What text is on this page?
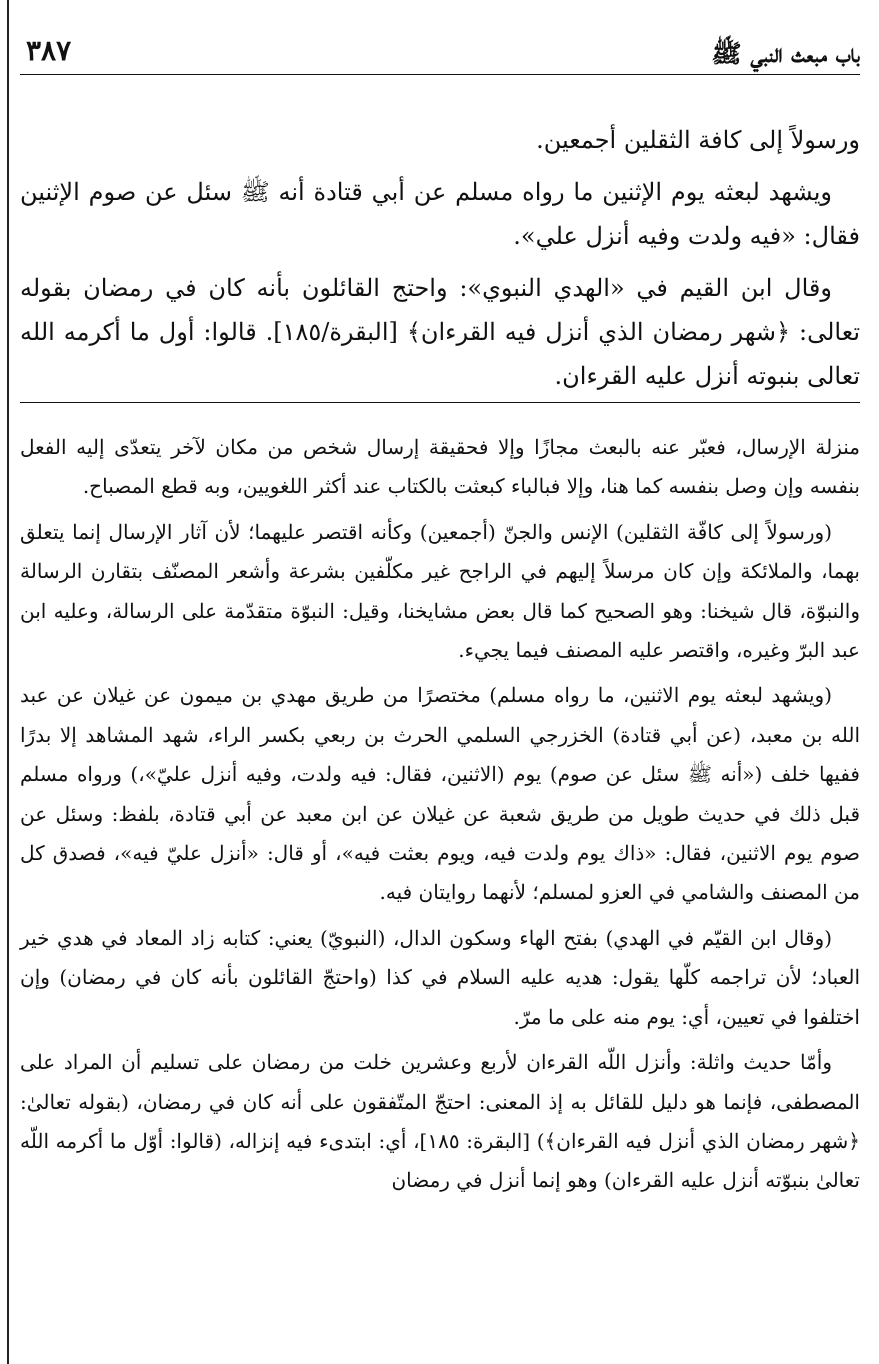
باب مبعث النبي ﷺ
٣٨٧

ورسولاً إلى كافة الثقلين أجمعين.

ويشهد لبعثه يوم الإثنين ما رواه مسلم عن أبي قتادة أنه ﷺ سئل عن صوم الإثنين فقال: «فيه ولدت وفيه أنزل علي».

وقال ابن القيم في «الهدي النبوي»: واحتج القائلون بأنه كان في رمضان بقوله تعالى: ﴿شهر رمضان الذي أنزل فيه القرءان﴾ [البقرة/١٨٥]. قالوا: أول ما أكرمه الله تعالى بنبوته أنزل عليه القرءان.

منزلة الإرسال، فعبّر عنه بالبعث مجازًا وإلا فحقيقة إرسال شخص من مكان لآخر يتعدّى إليه الفعل بنفسه وإن وصل بنفسه كما هنا، وإلا فبالباء كبعثت بالكتاب عند أكثر اللغويين، وبه قطع المصباح.

(ورسولاً إلى كافّة الثقلين) الإنس والجنّ (أجمعين) وكأنه اقتصر عليهما؛ لأن آثار الإرسال إنما يتعلق بهما، والملائكة وإن كان مرسلاً إليهم في الراجح غير مكلّفين بشرعة وأشعر المصنّف بتقارن الرسالة والنبوّة، قال شيخنا: وهو الصحيح كما قال بعض مشايخنا، وقيل: النبوّة متقدّمة على الرسالة، وعليه ابن عبد البرّ وغيره، واقتصر عليه المصنف فيما يجيء.

(ويشهد لبعثه يوم الاثنين، ما رواه مسلم) مختصرًا من طريق مهدي بن ميمون عن غيلان عن عبد الله بن معبد، (عن أبي قتادة) الخزرجي السلمي الحرث بن ربعي بكسر الراء، شهد المشاهد إلا بدرًا ففيها خلف («أنه ﷺ سئل عن صوم) يوم (الاثنين، فقال: فيه ولدت، وفيه أنزل عليّ»،) ورواه مسلم قبل ذلك في حديث طويل من طريق شعبة عن غيلان عن ابن معبد عن أبي قتادة، بلفظ: وسئل عن صوم يوم الاثنين، فقال: «ذاك يوم ولدت فيه، ويوم بعثت فيه»، أو قال: «أنزل عليّ فيه»، فصدق كل من المصنف والشامي في العزو لمسلم؛ لأنهما روايتان فيه.

(وقال ابن القيّم في الهدي) بفتح الهاء وسكون الدال، (النبويّ) يعني: كتابه زاد المعاد في هدي خير العباد؛ لأن تراجمه كلّها يقول: هديه عليه السلام في كذا (واحتجّ القائلون بأنه كان في رمضان) وإن اختلفوا في تعيين، أي: يوم منه على ما مرّ.

وأمّا حديث واثلة: وأنزل اللّه القرءان لأربع وعشرين خلت من رمضان على تسليم أن المراد على المصطفى، فإنما هو دليل للقائل به إذ المعنى: احتجّ المتّفقون على أنه كان في رمضان، (بقوله تعالىٰ: ﴿شهر رمضان الذي أنزل فيه القرءان﴾) [البقرة: ١٨٥]، أي: ابتدىء فيه إنزاله، (قالوا: أوّل ما أكرمه اللّه تعالىٰ بنبوّته أنزل عليه القرءان) وهو إنما أنزل في رمضان
